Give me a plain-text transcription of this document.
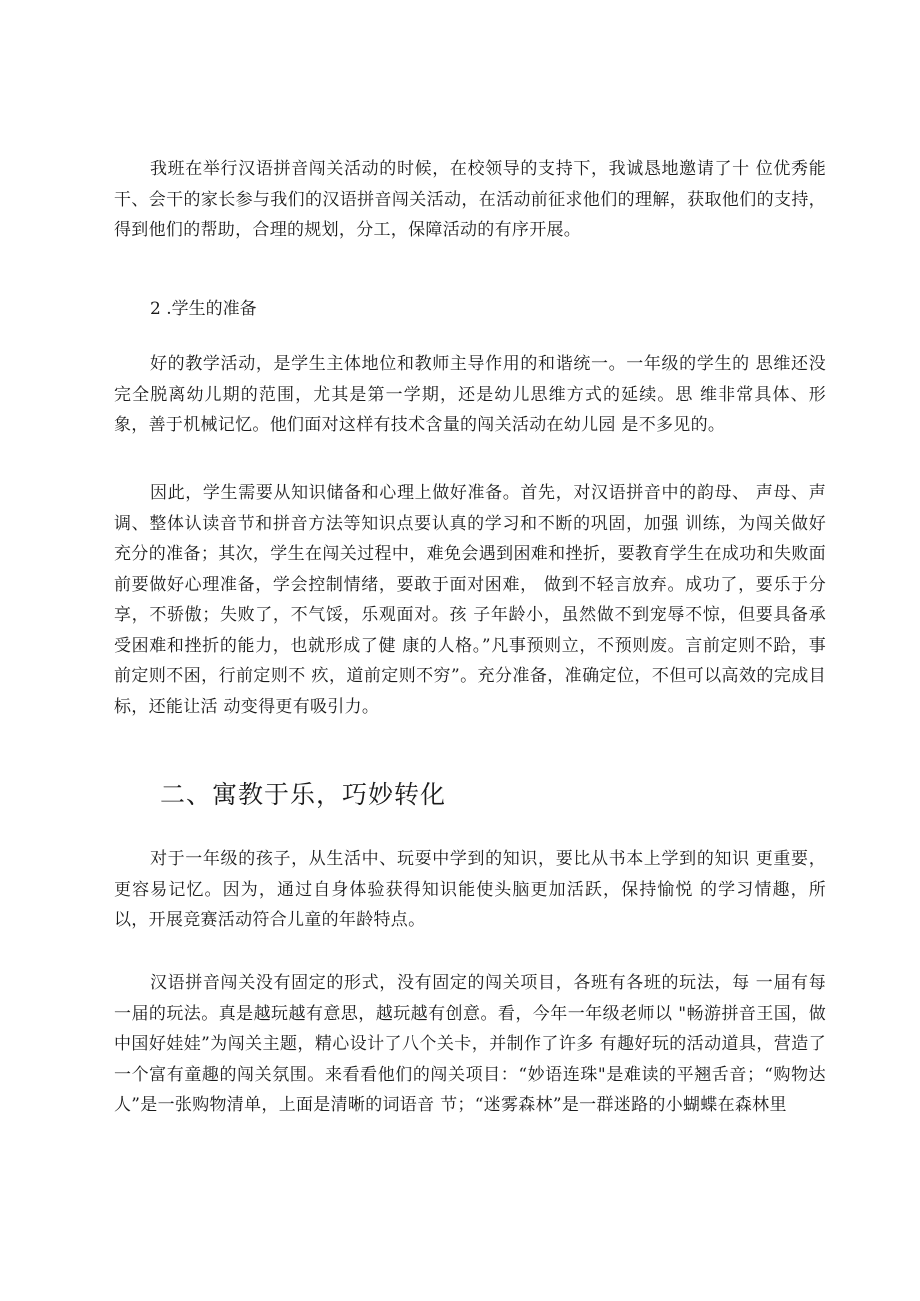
我班在举行汉语拼音闯关活动的时候，在校领导的支持下，我诚恳地邀请了十 位优秀能干、会干的家长参与我们的汉语拼音闯关活动，在活动前征求他们的理解，获取他们的支持，得到他们的帮助，合理的规划，分工，保障活动的有序开展。

2 .学生的准备

好的教学活动，是学生主体地位和教师主导作用的和谐统一。一年级的学生的 思维还没完全脱离幼儿期的范围，尤其是第一学期，还是幼儿思维方式的延续。思 维非常具体、形象，善于机械记忆。他们面对这样有技术含量的闯关活动在幼儿园 是不多见的。

因此，学生需要从知识储备和心理上做好准备。首先，对汉语拼音中的韵母、 声母、声调、整体认读音节和拼音方法等知识点要认真的学习和不断的巩固，加强 训练，为闯关做好充分的准备；其次，学生在闯关过程中，难免会遇到困难和挫折，要教育学生在成功和失败面前要做好心理准备，学会控制情绪，要敢于面对困难， 做到不轻言放弃。成功了，要乐于分享，不骄傲；失败了，不气馁，乐观面对。孩 子年龄小，虽然做不到宠辱不惊，但要具备承受困难和挫折的能力，也就形成了健 康的人格。”凡事预则立，不预则废。言前定则不跲，事前定则不困，行前定则不 疚，道前定则不穷”。充分准备，准确定位，不但可以高效的完成目标，还能让活 动变得更有吸引力。

二、寓教于乐，巧妙转化

对于一年级的孩子，从生活中、玩耍中学到的知识，要比从书本上学到的知识 更重要，更容易记忆。因为，通过自身体验获得知识能使头脑更加活跃，保持愉悦 的学习情趣，所以，开展竞赛活动符合儿童的年龄特点。

汉语拼音闯关没有固定的形式，没有固定的闯关项目，各班有各班的玩法，每 一届有每一届的玩法。真是越玩越有意思，越玩越有创意。看，今年一年级老师以 "畅游拼音王国，做中国好娃娃”为闯关主题，精心设计了八个关卡，并制作了许多 有趣好玩的活动道具，营造了一个富有童趣的闯关氛围。来看看他们的闯关项目：“妙语连珠"是难读的平翘舌音；“购物达人”是一张购物清单，上面是清晰的词语音 节；“迷雾森林”是一群迷路的小蝴蝶在森林里
